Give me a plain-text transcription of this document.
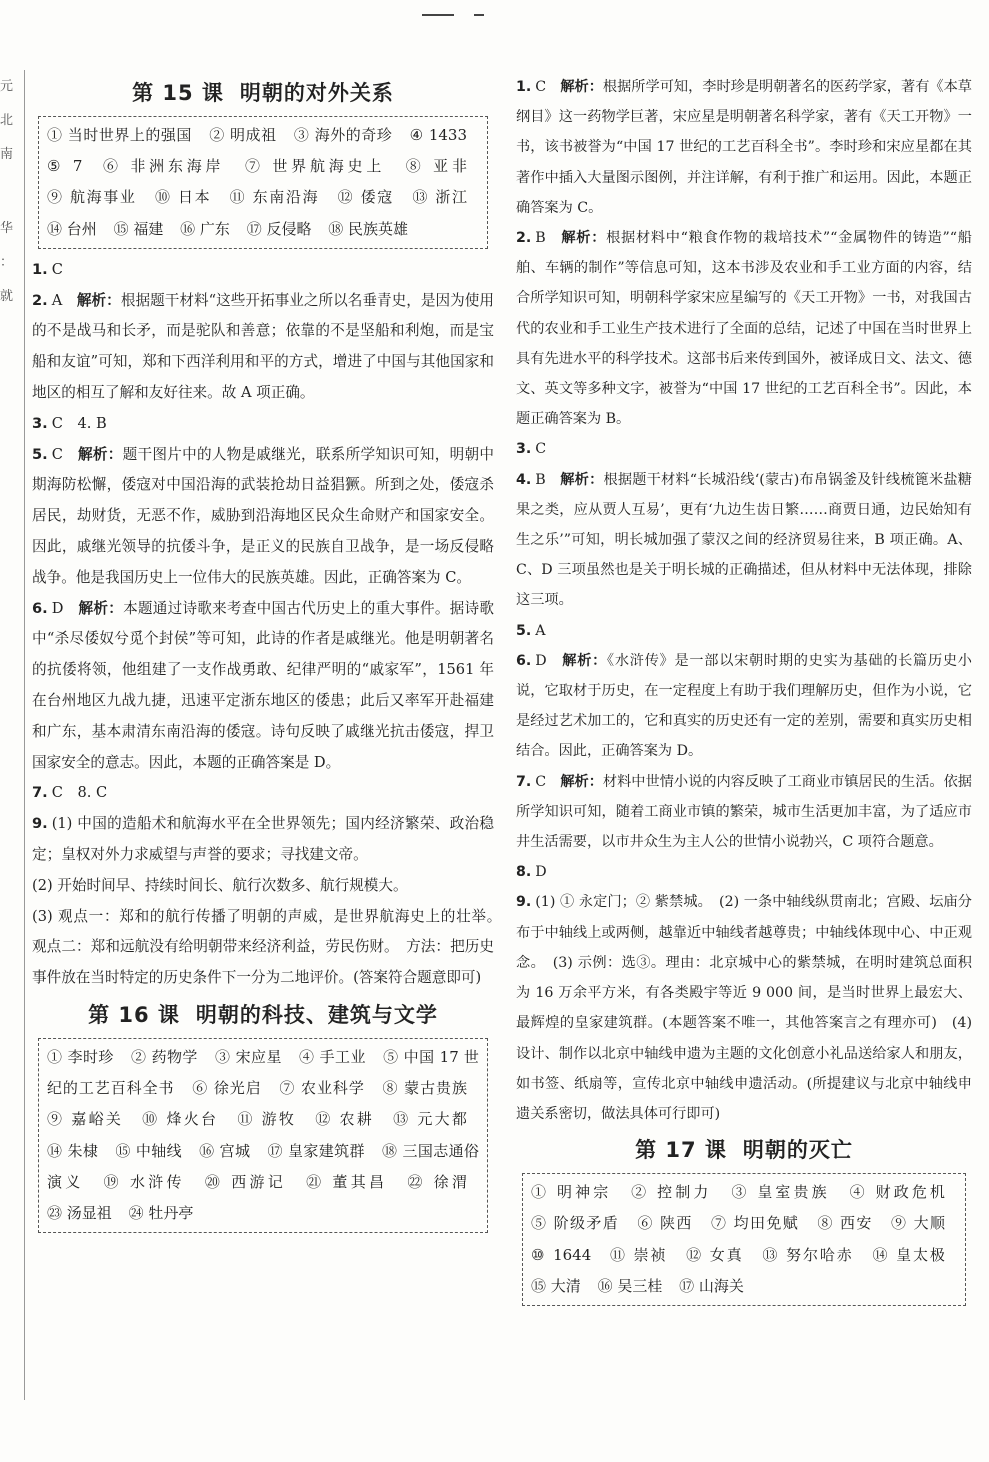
元
北
南
华
：
就
第 15 课 明朝的对外关系
① 当时世界上的强国 ② 明成祖 ③ 海外的奇珍 ④ 1433 ⑤ 7 ⑥ 非洲东海岸 ⑦ 世界航海史上 ⑧ 亚非 ⑨ 航海事业 ⑩ 日本 ⑪ 东南沿海 ⑫ 倭寇 ⑬ 浙江 ⑭ 台州 ⑮ 福建 ⑯ 广东 ⑰ 反侵略 ⑱ 民族英雄

1. C

2. A　 解析：根据题干材料“这些开拓事业之所以名垂青史，是因为使用的不是战马和长矛，而是驼队和善意；依靠的不是坚船和利炮，而是宝船和友谊”可知，郑和下西洋利用和平的方式，增进了中国与其他国家和地区的相互了解和友好往来。故 A 项正确。

3. C　4. B

5. C　 解析：题干图片中的人物是戚继光，联系所学知识可知，明朝中期海防松懈，倭寇对中国沿海的武装抢劫日益猖獗。所到之处，倭寇杀居民，劫财货，无恶不作，威胁到沿海地区民众生命财产和国家安全。因此，戚继光领导的抗倭斗争，是正义的民族自卫战争，是一场反侵略战争。他是我国历史上一位伟大的民族英雄。因此，正确答案为 C。

6. D　 解析：本题通过诗歌来考查中国古代历史上的重大事件。据诗歌中“杀尽倭奴兮觅个封侯”等可知，此诗的作者是戚继光。他是明朝著名的抗倭将领，他组建了一支作战勇敢、纪律严明的“戚家军”，1561 年在台州地区九战九捷，迅速平定浙东地区的倭患；此后又率军开赴福建和广东，基本肃清东南沿海的倭寇。诗句反映了戚继光抗击倭寇，捍卫国家安全的意志。因此，本题的正确答案是 D。

7. C　8. C

9. (1) 中国的造船术和航海水平在全世界领先；国内经济繁荣、政治稳定；皇权对外力求威望与声誉的要求；寻找建文帝。
(2) 开始时间早、持续时间长、航行次数多、航行规模大。
(3) 观点一：郑和的航行传播了明朝的声威，是世界航海史上的壮举。　观点二：郑和远航没有给明朝带来经济利益，劳民伤财。　方法：把历史事件放在当时特定的历史条件下一分为二地评价。(答案符合题意即可)

第 16 课 明朝的科技、建筑与文学
① 李时珍 ② 药物学 ③ 宋应星 ④ 手工业 ⑤ 中国 17 世纪的工艺百科全书 ⑥ 徐光启 ⑦ 农业科学 ⑧ 蒙古贵族 ⑨ 嘉峪关 ⑩ 烽火台 ⑪ 游牧 ⑫ 农耕 ⑬ 元大都 ⑭ 朱棣 ⑮ 中轴线 ⑯ 宫城 ⑰ 皇家建筑群 ⑱ 三国志通俗演义 ⑲ 水浒传 ⑳ 西游记 ㉑ 董其昌 ㉒ 徐渭 ㉓ 汤显祖 ㉔ 牡丹亭

1. C　 解析：根据所学可知，李时珍是明朝著名的医药学家，著有《本草纲目》这一药物学巨著，宋应星是明朝著名科学家，著有《天工开物》一书，该书被誉为“中国 17 世纪的工艺百科全书”。李时珍和宋应星都在其著作中插入大量图示图例，并注详解，有利于推广和运用。因此，本题正确答案为 C。

2. B　 解析：根据材料中“粮食作物的栽培技术”“金属物件的铸造”“船舶、车辆的制作”等信息可知，这本书涉及农业和手工业方面的内容，结合所学知识可知，明朝科学家宋应星编写的《天工开物》一书，对我国古代的农业和手工业生产技术进行了全面的总结，记述了中国在当时世界上具有先进水平的科学技术。这部书后来传到国外，被译成日文、法文、德文、英文等多种文字，被誉为“中国 17 世纪的工艺百科全书”。因此，本题正确答案为 B。

3. C

4. B　 解析：根据题干材料“长城沿线‘(蒙古)布帛锅釜及针线梳篦米盐糖果之类，应从贾人互易’，更有‘九边生齿日繁……商贾日通，边民始知有生之乐’”可知，明长城加强了蒙汉之间的经济贸易往来，B 项正确。A、C、D 三项虽然也是关于明长城的正确描述，但从材料中无法体现，排除这三项。

5. A

6. D　 解析：《水浒传》是一部以宋朝时期的史实为基础的长篇历史小说，它取材于历史，在一定程度上有助于我们理解历史，但作为小说，它是经过艺术加工的，它和真实的历史还有一定的差别，需要和真实历史相结合。因此，正确答案为 D。

7. C　 解析：材料中世情小说的内容反映了工商业市镇居民的生活。依据所学知识可知，随着工商业市镇的繁荣，城市生活更加丰富，为了适应市井生活需要，以市井众生为主人公的世情小说勃兴，C 项符合题意。

8. D

9. (1) ① 永定门；② 紫禁城。　(2) 一条中轴线纵贯南北；宫殿、坛庙分布于中轴线上或两侧，越靠近中轴线者越尊贵；中轴线体现中心、中正观念。　(3) 示例：选③。理由：北京城中心的紫禁城，在明时建筑总面积为 16 万余平方米，有各类殿宇等近 9 000 间，是当时世界上最宏大、最辉煌的皇家建筑群。(本题答案不唯一，其他答案言之有理亦可)　(4) 设计、制作以北京中轴线申遗为主题的文化创意小礼品送给家人和朋友，如书签、纸扇等，宣传北京中轴线申遗活动。(所提建议与北京中轴线申遗关系密切，做法具体可行即可)

第 17 课 明朝的灭亡
① 明神宗 ② 控制力 ③ 皇室贵族 ④ 财政危机 ⑤ 阶级矛盾 ⑥ 陕西 ⑦ 均田免赋 ⑧ 西安 ⑨ 大顺 ⑩ 1644 ⑪ 崇祯 ⑫ 女真 ⑬ 努尔哈赤 ⑭ 皇太极 ⑮ 大清 ⑯ 吴三桂 ⑰ 山海关
